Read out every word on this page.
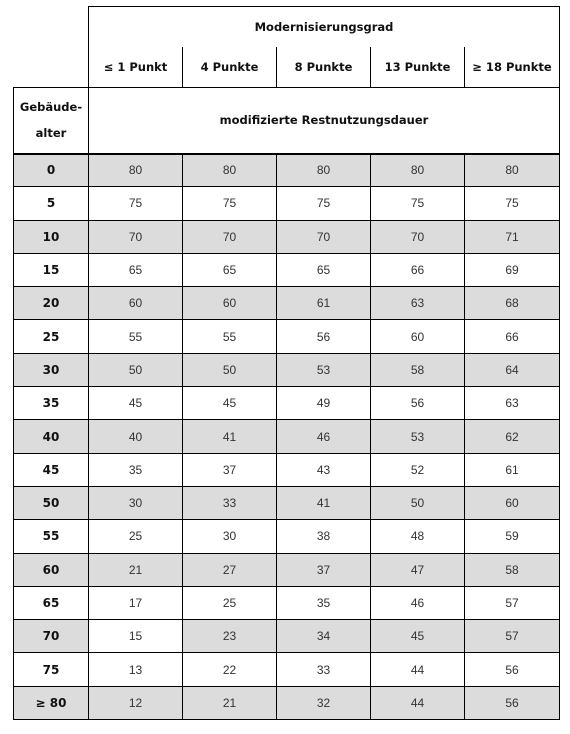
	Modernisierungsgrad				
	≤ 1 Punkt	4 Punkte	8 Punkte	13 Punkte	≥ 18 Punkte
Gebäude-
alter	modifizierte Restnutzungsdauer				
0	80	80	80	80	80
5	75	75	75	75	75
10	70	70	70	70	71
15	65	65	65	66	69
20	60	60	61	63	68
25	55	55	56	60	66
30	50	50	53	58	64
35	45	45	49	56	63
40	40	41	46	53	62
45	35	37	43	52	61
50	30	33	41	50	60
55	25	30	38	48	59
60	21	27	37	47	58
65	17	25	35	46	57
70	15	23	34	45	57
75	13	22	33	44	56
≥ 80	12	21	32	44	56
